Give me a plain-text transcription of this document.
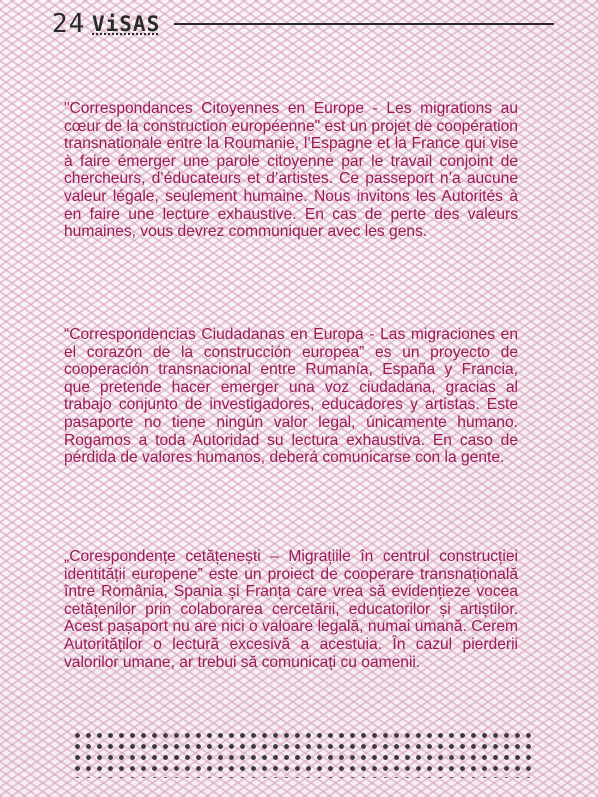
24 ViSAS

"Correspondances Citoyennes en Europe - Les migrations au cœur de la construction européenne" est un projet de coopération transnationale entre la Roumanie, l’Espagne et la France qui vise à faire émerger une parole citoyenne par le travail conjoint de chercheurs, d’éducateurs et d’artistes. Ce passeport n’a aucune valeur légale, seulement humaine. Nous invitons les Autorités à en faire une lecture exhaustive. En cas de perte des valeurs humaines, vous devrez communiquer avec les gens.

“Correspondencias Ciudadanas en Europa - Las migraciones en el corazón de la construcción europea” es un proyecto de cooperación transnacional entre Rumanía, España y Francia, que pretende hacer emerger una voz ciudadana, gracias al trabajo conjunto de investigadores, educadores y artistas. Este pasaporte no tiene ningún valor legal, únicamente humano. Rogamos a toda Autoridad su lectura exhaustiva. En caso de pérdida de valores humanos, deberá comunicarse con la gente.

„Corespondențe cetățenești – Migrațiile în centrul construcției identității europene” este un proiect de cooperare transnațională între România, Spania și Franța care vrea să evidențieze vocea cetățenilor prin colaborarea cercetării, educatorilor și artiștilor. Acest pașaport nu are nici o valoare legală, numai umană. Cerem Autorităților o lectură excesivă a acestuia. În cazul pierderii valorilor umane, ar trebui să comunicați cu oamenii.
